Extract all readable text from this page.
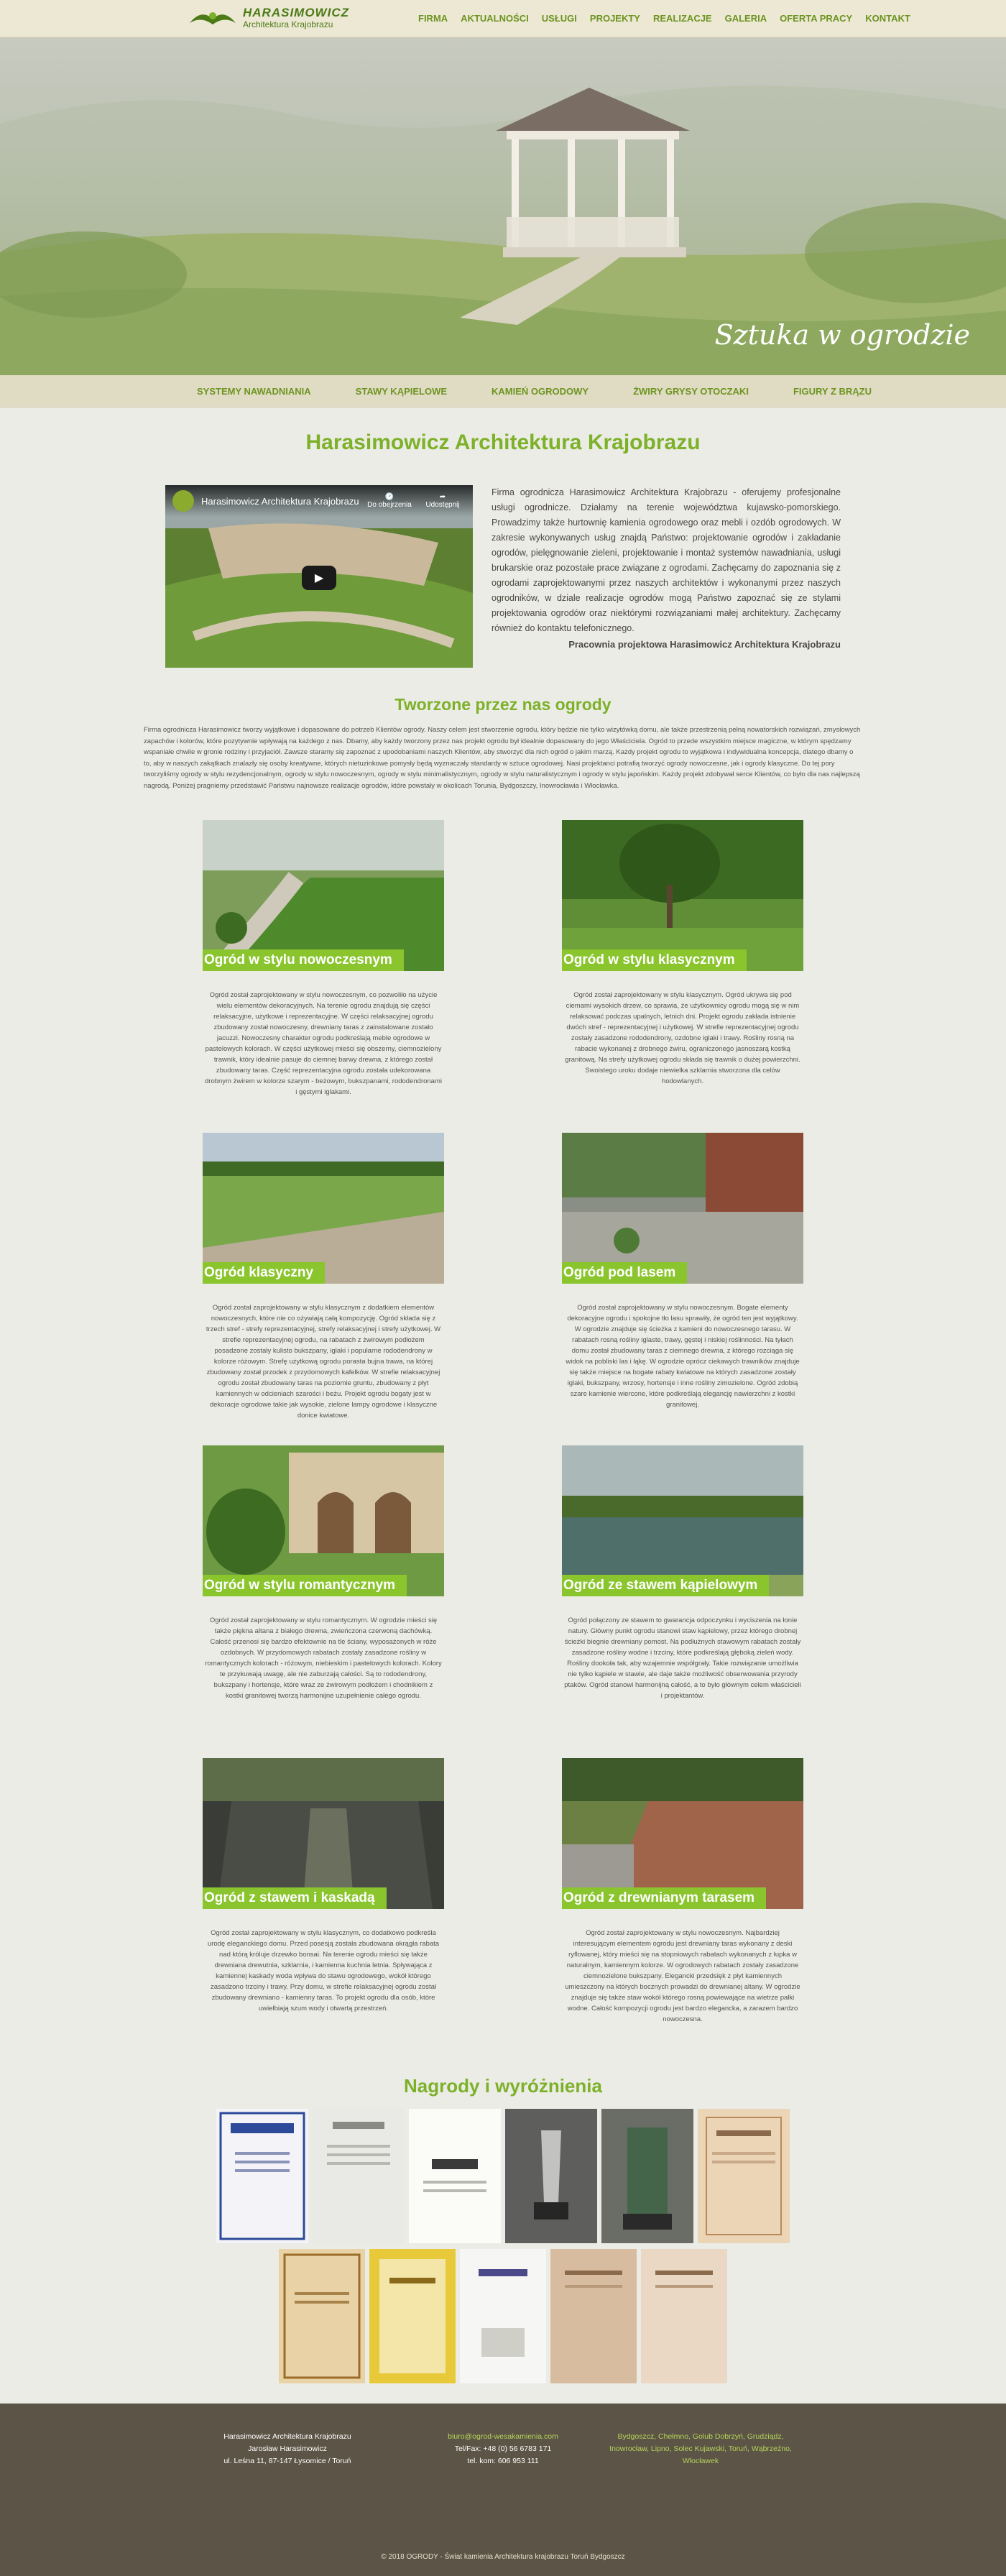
HARASIMOWICZ
Architektura Krajobrazu
FIRMA AKTUALNOŚCI USŁUGI PROJEKTY REALIZACJE GALERIA OFERTA PRACY KONTAKT
Sztuka w ogrodzie
SYSTEMY NAWADNIANIA	STAWY KĄPIELOWE	KAMIEŃ OGRODOWY	ŻWIRY GRYSY OTOCZAKI	FIGURY Z BRĄZU
Harasimowicz Architektura Krajobrazu
Harasimowicz Architektura Krajobrazu	🕑
Do obejrzenia
➦
Udostępnij
▶

Firma ogrodnicza Harasimowicz Architektura Krajobrazu - oferujemy profesjonalne usługi ogrodnicze. Działamy na terenie województwa kujawsko-pomorskiego. Prowadzimy także hurtownię kamienia ogrodowego oraz mebli i ozdób ogrodowych. W zakresie wykonywanych usług znajdą Państwo: projektowanie ogrodów i zakładanie ogrodów, pielęgnowanie zieleni, projektowanie i montaż systemów nawadniania, usługi brukarskie oraz pozostałe prace związane z ogrodami. Zachęcamy do zapoznania się z ogrodami zaprojektowanymi przez naszych architektów i wykonanymi przez naszych ogrodników, w dziale realizacje ogrodów mogą Państwo zapoznać się ze stylami projektowania ogrodów oraz niektórymi rozwiązaniami małej architektury. Zachęcamy również do kontaktu telefonicznego.

Pracownia projektowa Harasimowicz Architektura Krajobrazu

Tworzone przez nas ogrody

Firma ogrodnicza Harasimowicz tworzy wyjątkowe i dopasowane do potrzeb Klientów ogrody. Naszy celem jest stworzenie ogrodu, który będzie nie tylko wizytówką domu, ale także przestrzenią pełną nowatorskich rozwiązań, zmysłowych zapachów i kolorów, które pozytywnie wpływają na każdego z nas. Dbamy, aby każdy tworzony przez nas projekt ogrodu był idealnie dopasowany do jego Właściciela. Ogród to przede wszystkim miejsce magiczne, w którym spędzamy wspaniałe chwile w gronie rodziny i przyjaciół. Zawsze staramy się zapoznać z upodobaniami naszych Klientów, aby stworzyć dla nich ogród o jakim marzą. Każdy projekt ogrodu to wyjątkowa i indywidualna koncepcja, dlatego dbamy o to, aby w naszych zakątkach znalazły się osoby kreatywne, których nietuzinkowe pomysły będą wyznaczały standardy w sztuce ogrodowej. Nasi projektanci potrafią tworzyć ogrody nowoczesne, jak i ogrody klasyczne. Do tej pory tworzyliśmy ogrody w stylu rezydencjonalnym, ogrody w stylu nowoczesnym, ogrody w stylu minimalistycznym, ogrody w stylu naturalistycznym i ogrody w stylu japońskim. Każdy projekt zdobywał serce Klientów, co było dla nas najlepszą nagrodą. Poniżej pragniemy przedstawić Państwu najnowsze realizacje ogrodów, które powstały w okolicach Torunia, Bydgoszczy, Inowrocławia i Włocławka.

Ogród w stylu nowoczesnym

Ogród został zaprojektowany w stylu nowoczesnym, co pozwoliło na użycie wielu elementów dekoracyjnych. Na terenie ogrodu znajdują się części relaksacyjne, użytkowe i reprezentacyjne. W części relaksacyjnej ogrodu zbudowany został nowoczesny, drewniany taras z zainstalowane zostało jacuzzi. Nowoczesny charakter ogrodu podkreślają meble ogrodowe w pastelowych kolorach. W części użytkowej mieści się obszerny, ciemnozielony trawnik, który idealnie pasuje do ciemnej barwy drewna, z którego został zbudowany taras. Część reprezentacyjna ogrodu została udekorowana drobnym żwirem w kolorze szarym - beżowym, bukszpanami, rododendronami i gęstymi iglakami.

Ogród w stylu klasycznym

Ogród został zaprojektowany w stylu klasycznym. Ogród ukrywa się pod ciemami wysokich drzew, co sprawia, że użytkownicy ogrodu mogą się w nim relaksować podczas upalnych, letnich dni. Projekt ogrodu zakłada istnienie dwóch stref - reprezentacyjnej i użytkowej. W strefie reprezentacyjnej ogrodu zostały zasadzone rododendrony, ozdobne iglaki i trawy. Rośliny rosną na rabacie wykonanej z drobnego żwiru, ograniczonego jasnoszarą kostką granitową. Na strefy użytkowej ogrodu składa się trawnik o dużej powierzchni. Swoistego uroku dodaje niewielka szklarnia stworzona dla celów hodowlanych.

Ogród klasyczny

Ogród został zaprojektowany w stylu klasycznym z dodatkiem elementów nowoczesnych, które nie co ożywiają całą kompozycję. Ogród składa się z trzech stref - strefy reprezentacyjnej, strefy relaksacyjnej i strefy użytkowej. W strefie reprezentacyjnej ogrodu, na rabatach z żwirowym podłożem posadzone zostały kulisto bukszpany, iglaki i popularne rododendrony w kolorze różowym. Strefę użytkową ogrodu porasta bujna trawa, na której zbudowany został przodek z przydomowych kafelków. W strefie relaksacyjnej ogrodu został zbudowany taras na poziomie gruntu, zbudowany z płyt kamiennych w odcieniach szarości i beżu. Projekt ogrodu bogaty jest w dekoracje ogrodowe takie jak wysokie, zielone lampy ogrodowe i klasyczne donice kwiatowe.

Ogród pod lasem

Ogród został zaprojektowany w stylu nowoczesnym. Bogate elementy dekoracyjne ogrodu i spokojne tło lasu sprawiły, że ogród ten jest wyjątkowy. W ogrodzie znajduje się ścieżka z kamieni do nowoczesnego tarasu. W rabatach rosną rośliny iglaste, trawy, gęstej i niskiej roślinności. Na tyłach domu został zbudowany taras z ciemnego drewna, z którego rozciąga się widok na pobliski las i łąkę. W ogrodzie oprócz ciekawych trawników znajduje się także miejsce na bogate rabaty kwiatowe na których zasadzone zostały iglaki, bukszpany, wrzosy, hortensje i inne rośliny zimozielone. Ogród zdobią szare kamienie wiercone, które podkreślają elegancję nawierzchni z kostki granitowej.

Ogród w stylu romantycznym

Ogród został zaprojektowany w stylu romantycznym. W ogrodzie mieści się także piękna altana z białego drewna, zwieńczona czerwoną dachówką. Całość przenosi się bardzo efektownie na tle ściany, wyposażonych w róże ozdobnych. W przydomowych rabatach zostały zasadzone rośliny w romantycznych kolorach - różowym, niebieskim i pastelowych kolorach. Kolory te przykuwają uwagę, ale nie zaburzają całości. Są to rododendrony, bukszpany i hortensje, które wraz ze żwirowym podłożem i chodnikiem z kostki granitowej tworzą harmonijne uzupełnienie całego ogrodu.

Ogród ze stawem kąpielowym

Ogród połączony ze stawem to gwarancja odpoczynku i wyciszenia na łonie natury. Główny punkt ogrodu stanowi staw kąpielowy, przez którego drobnej ścieżki biegnie drewniany pomost. Na podłużnych stawowym rabatach zostały zasadzone rośliny wodne i trzciny, które podkreślają głęboką zieleń wody. Rośliny dookoła tak, aby wzajemnie współgrały. Takie rozwiązanie umożliwia nie tylko kąpiele w stawie, ale daje także możliwość obserwowania przyrody ptaków. Ogród stanowi harmonijną całość, a to było głównym celem właścicieli i projektantów.

Ogród z stawem i kaskadą

Ogród został zaprojektowany w stylu klasycznym, co dodatkowo podkreśla urodę eleganckiego domu. Przed posesją została zbudowana okrągła rabata nad którą króluje drzewko bonsai. Na terenie ogrodu mieści się także drewniana drewutnia, szklarnia, i kamienna kuchnia letnia. Spływająca z kamiennej kaskady woda wpływa do stawu ogrodowego, wokół którego zasadzono trzciny i trawy. Przy domu, w strefie relaksacyjnej ogrodu został zbudowany drewniano - kamienny taras. To projekt ogrodu dla osób, które uwielbiają szum wody i otwartą przestrzeń.

Ogród z drewnianym tarasem

Ogród został zaprojektowany w stylu nowoczesnym. Najbardziej interesującym elementem ogrodu jest drewniany taras wykonany z deski ryflowanej, który mieści się na stopniowych rabatach wykonanych z łupka w naturalnym, kamiennym kolorze. W ogrodowych rabatach zostały zasadzone ciemnozielone bukszpany. Elegancki przedsięk z płyt kamiennych umieszczony na których bocznych prowadzi do drewnianej altany. W ogrodzie znajduje się także staw wokół którego rosną powiewające na wietrze pałki wodne. Całość kompozycji ogrodu jest bardzo elegancka, a zarazem bardzo nowoczesna.

Nagrody i wyróżnienia
Harasimowicz Architektura Krajobrazu
Jarosław Harasimowicz
ul. Leśna 11, 87-147 Łysomice / Toruń
biuro@ogrod-wesakamienia.com
Tel/Fax: +48 (0) 56 6783 171
tel. kom: 606 953 111
Bydgoszcz, Chełmno, Golub Dobrzyń, Grudziądz, Inowrocław, Lipno, Solec Kujawski, Toruń, Wąbrzeźno, Włocławek
© 2018 OGRODY - Świat kamienia Architektura krajobrazu Toruń Bydgoszcz
